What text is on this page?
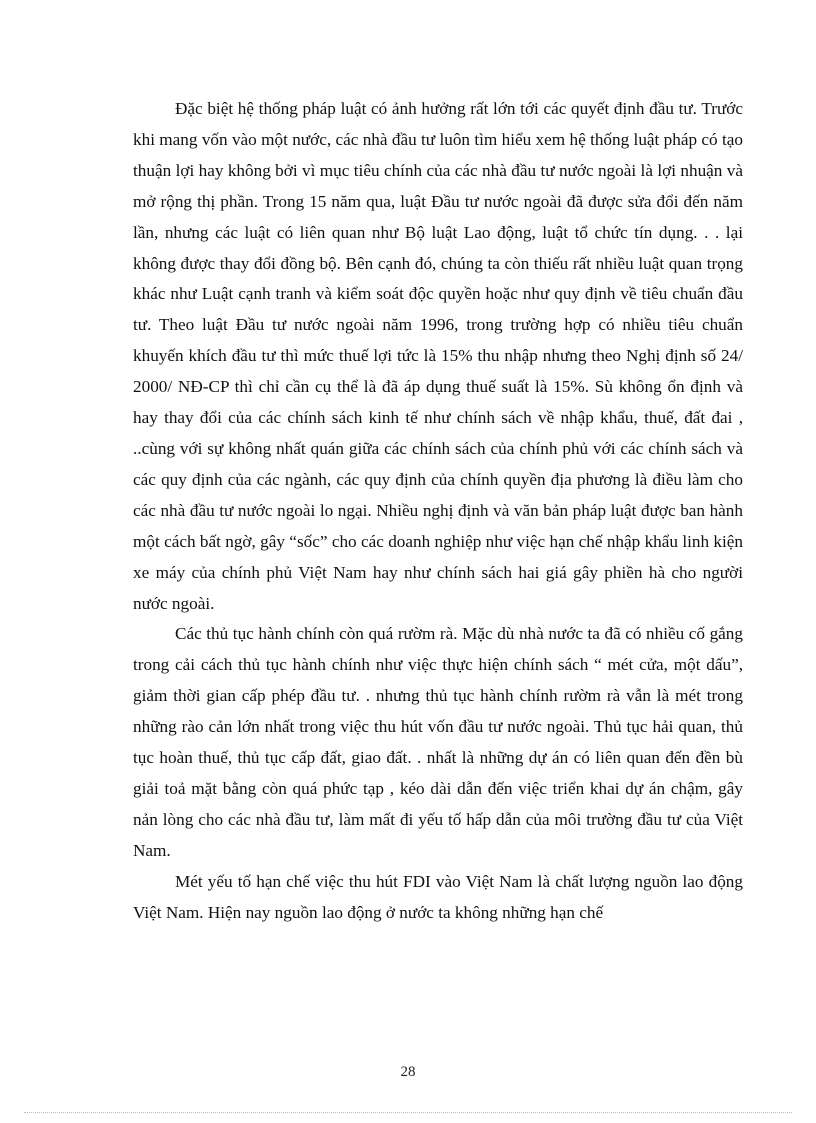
Đặc biệt hệ thống pháp luật có ảnh hưởng rất lớn tới các quyết định đầu tư. Trước khi mang vốn vào một nước, các nhà đầu tư luôn tìm hiểu xem hệ thống luật pháp có tạo thuận lợi hay không bởi vì mục tiêu chính của các nhà đầu tư nước ngoài là lợi nhuận và mở rộng thị phần. Trong 15 năm qua, luật Đầu tư nước ngoài đã được sửa đổi đến năm lần, nhưng các luật có liên quan như Bộ luật Lao động, luật tổ chức tín dụng. . . lại không được thay đổi đồng bộ. Bên cạnh đó, chúng ta còn thiếu rất nhiều luật quan trọng khác như Luật cạnh tranh và kiểm soát độc quyền hoặc như quy định về tiêu chuẩn đầu tư. Theo luật Đầu tư nước ngoài năm 1996, trong trường hợp có nhiều tiêu chuẩn khuyến khích đầu tư thì mức thuế lợi tức là 15% thu nhập nhưng theo Nghị định số 24/ 2000/ NĐ-CP thì chỉ cần cụ thể là đã áp dụng thuế suất là 15%. Sù không ổn định và hay thay đổi của các chính sách kinh tế như chính sách về nhập khẩu, thuế, đất đai , ..cùng với sự không nhất quán giữa các chính sách của chính phủ với các chính sách và các quy định của các ngành, các quy định của chính quyền địa phương là điều làm cho các nhà đầu tư nước ngoài lo ngại. Nhiều nghị định và văn bản pháp luật được ban hành một cách bất ngờ, gây “sốc” cho các doanh nghiệp như việc hạn chế nhập khẩu linh kiện xe máy của chính phủ Việt Nam hay như chính sách hai giá gây phiền hà cho người nước ngoài.

Các thủ tục hành chính còn quá rườm rà. Mặc dù nhà nước ta đã có nhiều cố gắng trong cải cách thủ tục hành chính như việc thực hiện chính sách “ mét cửa, một dấu”, giảm thời gian cấp phép đầu tư. . nhưng thủ tục hành chính rườm rà vẫn là mét trong những rào cản lớn nhất trong việc thu hút vốn đầu tư nước ngoài. Thủ tục hải quan, thủ tục hoàn thuế, thủ tục cấp đất, giao đất. . nhất là những dự án có liên quan đến đền bù giải toả mặt bằng còn quá phức tạp , kéo dài dẫn đến việc triển khai dự án chậm, gây nản lòng cho các nhà đầu tư, làm mất đi yếu tố hấp dẫn của môi trường đầu tư của Việt Nam.

Mét yếu tố hạn chế việc thu hút FDI vào Việt Nam là chất lượng nguồn lao động Việt Nam. Hiện nay nguồn lao động ở nước ta không những hạn chế

28
